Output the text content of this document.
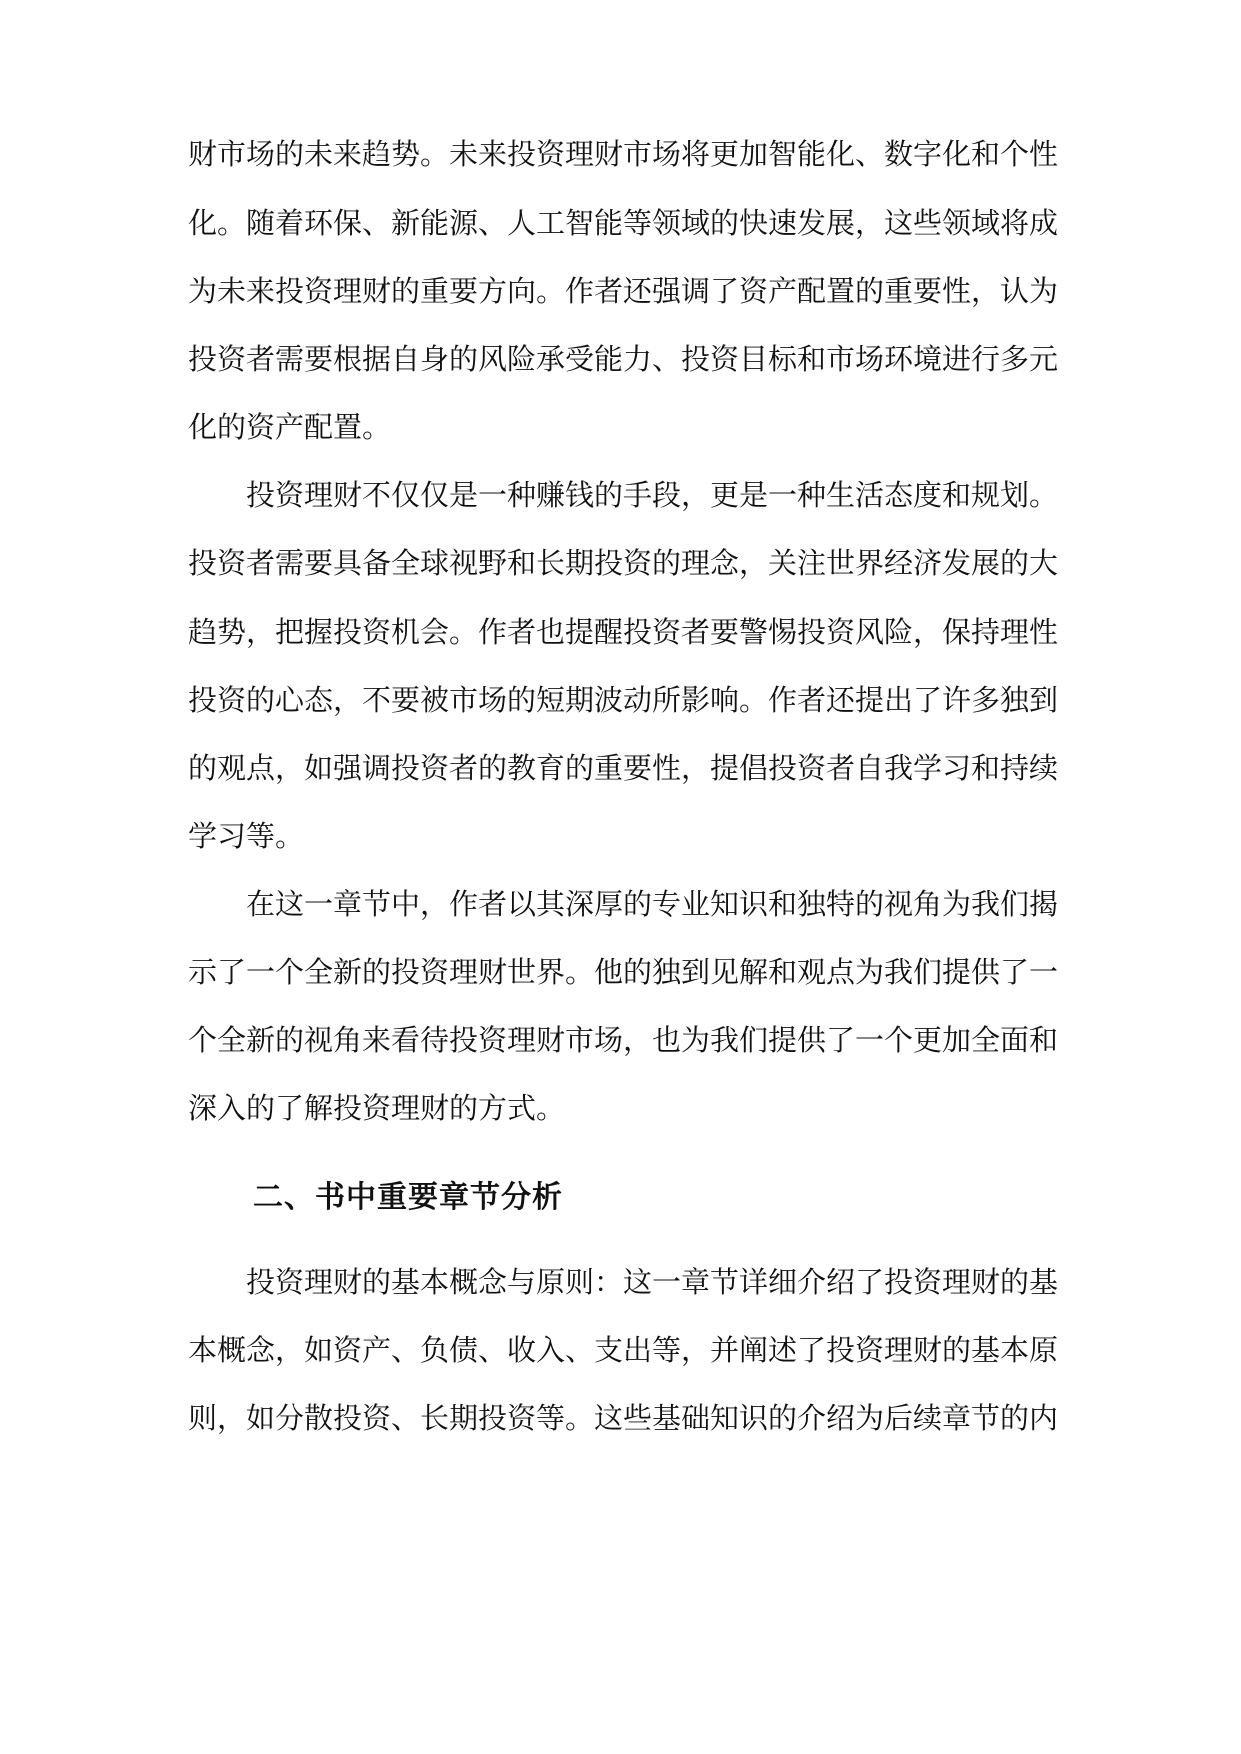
财市场的未来趋势。未来投资理财市场将更加智能化、数字化和个性
化。随着环保、新能源、人工智能等领域的快速发展，这些领域将成
为未来投资理财的重要方向。作者还强调了资产配置的重要性，认为
投资者需要根据自身的风险承受能力、投资目标和市场环境进行多元
化的资产配置。
投资理财不仅仅是一种赚钱的手段，更是一种生活态度和规划。
投资者需要具备全球视野和长期投资的理念，关注世界经济发展的大
趋势，把握投资机会。作者也提醒投资者要警惕投资风险，保持理性
投资的心态，不要被市场的短期波动所影响。作者还提出了许多独到
的观点，如强调投资者的教育的重要性，提倡投资者自我学习和持续
学习等。
在这一章节中，作者以其深厚的专业知识和独特的视角为我们揭
示了一个全新的投资理财世界。他的独到见解和观点为我们提供了一
个全新的视角来看待投资理财市场，也为我们提供了一个更加全面和
深入的了解投资理财的方式。
二、书中重要章节分析
投资理财的基本概念与原则：这一章节详细介绍了投资理财的基
本概念，如资产、负债、收入、支出等，并阐述了投资理财的基本原
则，如分散投资、长期投资等。这些基础知识的介绍为后续章节的内
